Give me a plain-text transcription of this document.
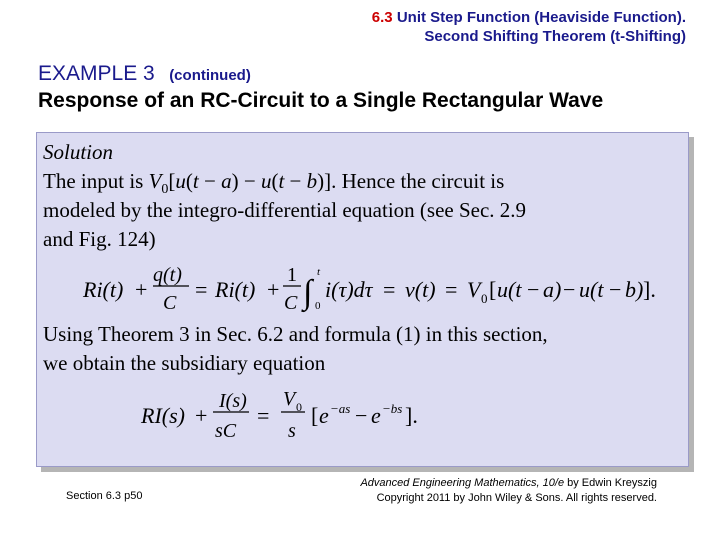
6.3 Unit Step Function (Heaviside Function).
Second Shifting Theorem (t-Shifting)
EXAMPLE 3 (continued)
Response of an RC-Circuit to a Single Rectangular Wave
Solution
The input is $V_0[u(t - a) - u(t - b)]$. Hence the circuit is
modeled by the integro-differential equation (see Sec. 2.9
and Fig. 124)
Ri(t) +
q(t)
C
= Ri(t) +
1
C ∫
t
0
i(τ)dτ = v(t) = V 0 [ u(t − a) − u(t − b) ].
Using Theorem 3 in Sec. 6.2 and formula (1) in this section,
we obtain the subsidiary equation
RI(s) +
I(s)
sC
=
V 0
s
[ e −as − e −bs ].
Section 6.3 p50
Advanced Engineering Mathematics, 10/e by Edwin Kreyszig
Copyright 2011 by John Wiley & Sons. All rights reserved.
